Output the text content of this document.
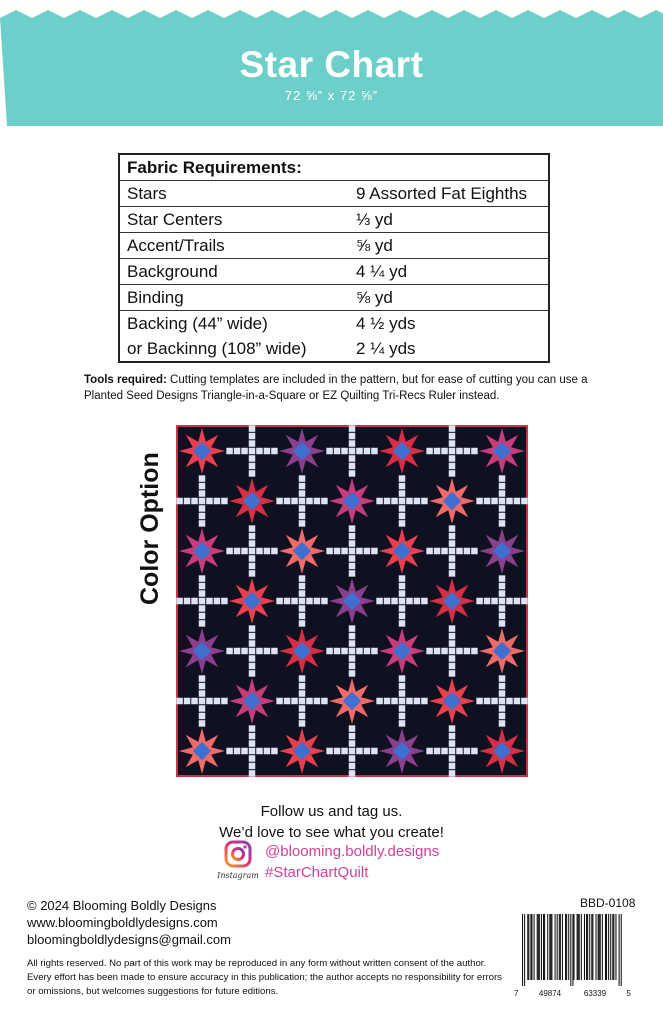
Star Chart
72 ⅝” x 72 ⅝”
Fabric Requirements:	
Stars	9 Assorted Fat Eighths
Star Centers	⅓ yd
Accent/Trails	⅝ yd
Background	4 ¼ yd
Binding	⅝ yd
Backing (44” wide)	4 ½ yds
or Backinng (108” wide)	2 ¼ yds
Tools required: Cutting templates are included in the pattern, but for ease of cutting you can use a Planted Seed Designs Triangle-in-a-Square or EZ Quilting Tri-Recs Ruler instead.
Color Option
Follow us and tag us.
We’d love to see what you create!
Instagram
@blooming.boldly.designs
#StarChartQuilt
© 2024 Blooming Boldly Designs
www.bloomingboldlydesigns.com
bloomingboldlydesigns@gmail.com
BBD-0108
7	49874	63339	5
All rights reserved. No part of this work may be reproduced in any form without written consent of the author. Every effort has been made to ensure accuracy in this publication; the author accepts no responsibility for errors or omissions, but welcomes suggestions for future editions.
